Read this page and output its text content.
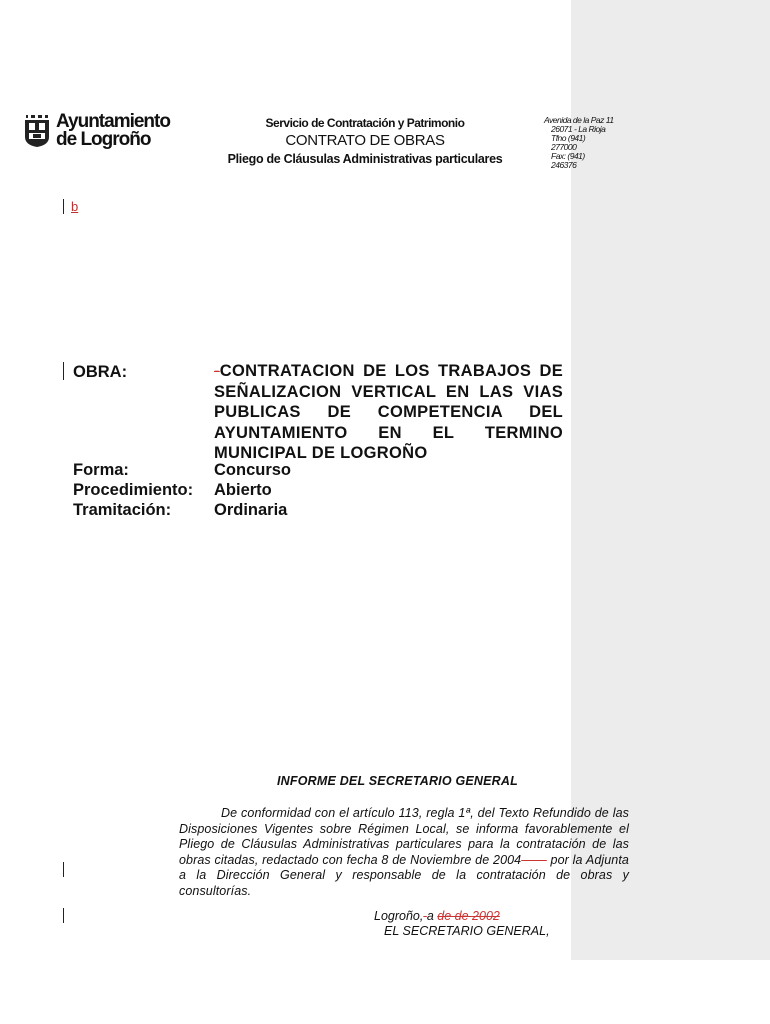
Ayuntamiento
de Logroño
Servicio de Contratación y Patrimonio
CONTRATO DE OBRAS
Pliego de Cláusulas Administrativas particulares
Avenida de la Paz 11
26071 - La Rioja
Tfno (941)
277000
Fax: (941)
246376
b
OBRA:	-CONTRATACION DE LOS TRABAJOS DE SEÑALIZACION VERTICAL EN LAS VIAS PUBLICAS DE COMPETENCIA DEL AYUNTAMIENTO EN EL TERMINO MUNICIPAL DE LOGROÑO
Forma:	Concurso
Procedimiento: Abierto
Tramitación:	Ordinaria
INFORME DEL SECRETARIO GENERAL
De conformidad con el artículo 113, regla 1ª, del Texto Refundido de las Disposiciones Vigentes sobre Régimen Local, se informa favorablemente el Pliego de Cláusulas Administrativas particulares para la contratación de las obras citadas, redactado con fecha 8 de Noviembre de 2004------ por la Adjunta a la Dirección General y responsable de la contratación de obras y consultorías.
Logroño, a de de 2002
EL SECRETARIO GENERAL,
